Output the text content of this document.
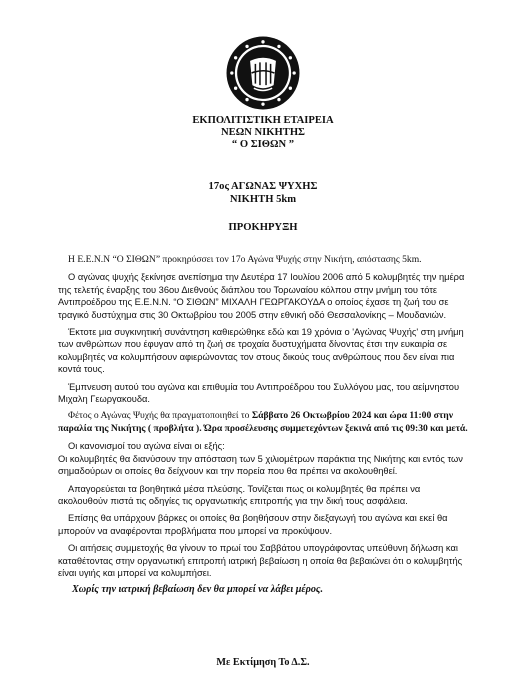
ΕΚΠΟΛΙΤΙΣΤΙΚΗ ΕΤΑΙΡΕΙΑ
ΝΕΩΝ ΝΙΚΗΤΗΣ
“ Ο ΣΙΘΩΝ ”
17ος ΑΓΩΝΑΣ ΨΥΧΗΣ
ΝΙΚΗΤΗ 5km
ΠΡΟΚΗΡΥΞΗ

Η Ε.Ε.Ν.Ν “Ο ΣΙΘΩΝ” προκηρύσσει τον 17ο Αγώνα Ψυχής στην Νικήτη, απόστασης 5km.

Ο αγώνας ψυχής ξεκίνησε ανεπίσημα την Δευτέρα 17 Ιουλίου 2006 από 5 κολυμβητές την ημέρα της τελετής έναρξης του 36ου Διεθνούς διάπλου του Τορωναίου κόλπου στην μνήμη του τότε Αντιπροέδρου της Ε.Ε.Ν.Ν. “Ο ΣΙΘΩΝ” ΜΙΧΑΛΗ ΓΕΩΡΓΑΚΟΥΔΑ ο οποίος έχασε τη ζωή του σε τραγικό δυστύχημα στις 30 Οκτωβρίου του 2005 στην εθνική οδό Θεσσαλονίκης – Μουδανιών.

Έκτοτε μια συγκινητική συνάντηση καθιερώθηκε εδώ και 19 χρόνια ο 'Αγώνας Ψυχής' στη μνήμη των ανθρώπων που έφυγαν από τη ζωή σε τροχαία δυστυχήματα δίνοντας έτσι την ευκαιρία σε κολυμβητές να κολυμπήσουν αφιερώνοντας τον στους δικούς τους ανθρώπους που δεν είναι πια κοντά τους.

Έμπνευση αυτού του αγώνα και επιθυμία του Αντιπροέδρου του Συλλόγου μας, του αείμνηστου Μιχαλη Γεωργακουδα.

Φέτος ο Αγώνας Ψυχής θα πραγματοποιηθεί το Σάββατο 26 Οκτωβρίου 2024 και ώρα 11:00 στην παραλία της Νικήτης ( προβλήτα ). Ώρα προσέλευσης συμμετεχόντων ξεκινά από τις 09:30 και μετά.

Οι κανονισμοί του αγώνα είναι οι εξής:

Οι κολυμβητές θα διανύσουν την απόσταση των 5 χιλιομέτρων παράκτια της Νικήτης και εντός των σημαδούρων οι οποίες θα δείχνουν και την πορεία που θα πρέπει να ακολουθηθεί.

Απαγορεύεται τα βοηθητικά μέσα πλεύσης. Τονίζεται πως οι κολυμβητές θα πρέπει να ακολουθούν πιστά τις οδηγίες τις οργανωτικής επιτροπής για την δική τους ασφάλεια.

Επίσης θα υπάρχουν βάρκες οι οποίες θα βοηθήσουν στην διεξαγωγή του αγώνα και εκεί θα μπορούν να αναφέρονται προβλήματα που μπορεί να προκύψουν.

Οι αιτήσεις συμμετοχής θα γίνουν το πρωί του Σαββάτου υπογράφοντας υπεύθυνη δήλωση και καταθέτοντας στην οργανωτική επιτροπή ιατρική βεβαίωση η οποία θα βεβαιώνει ότι ο κολυμβητής είναι υγιής και μπορεί να κολυμπήσει.

Χωρίς την ιατρική βεβαίωση δεν θα μπορεί να λάβει μέρος.

Με Εκτίμηση Το Δ.Σ.
